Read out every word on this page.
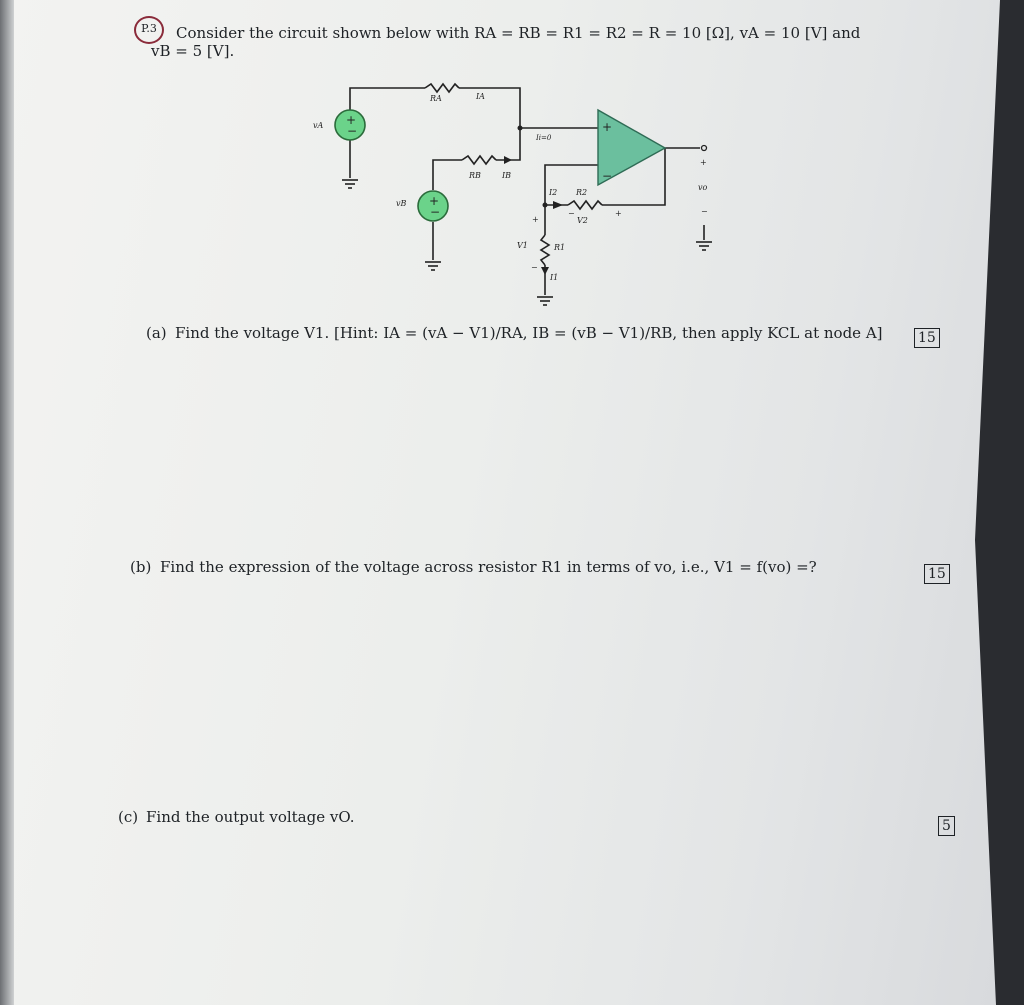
P.3	Consider the circuit shown below with RA = RB = R1 = R2 = R = 10 [Ω], vA = 10 [V] and
vB = 5 [V].
+
−
+
−
vA
vB
RA	IA
RB	IB
Ii=0
+
−
I2 R2
V2
−	+
+
V1
−
R1
I1
+
vo
−
(a) Find the voltage V1. [Hint: IA = (vA − V1)/RA, IB = (vB − V1)/RB, then apply KCL at node A]	15
(b) Find the expression of the voltage across resistor R1 in terms of vo, i.e., V1 = f(vo) =?	15
(c) Find the output voltage vO.	5
